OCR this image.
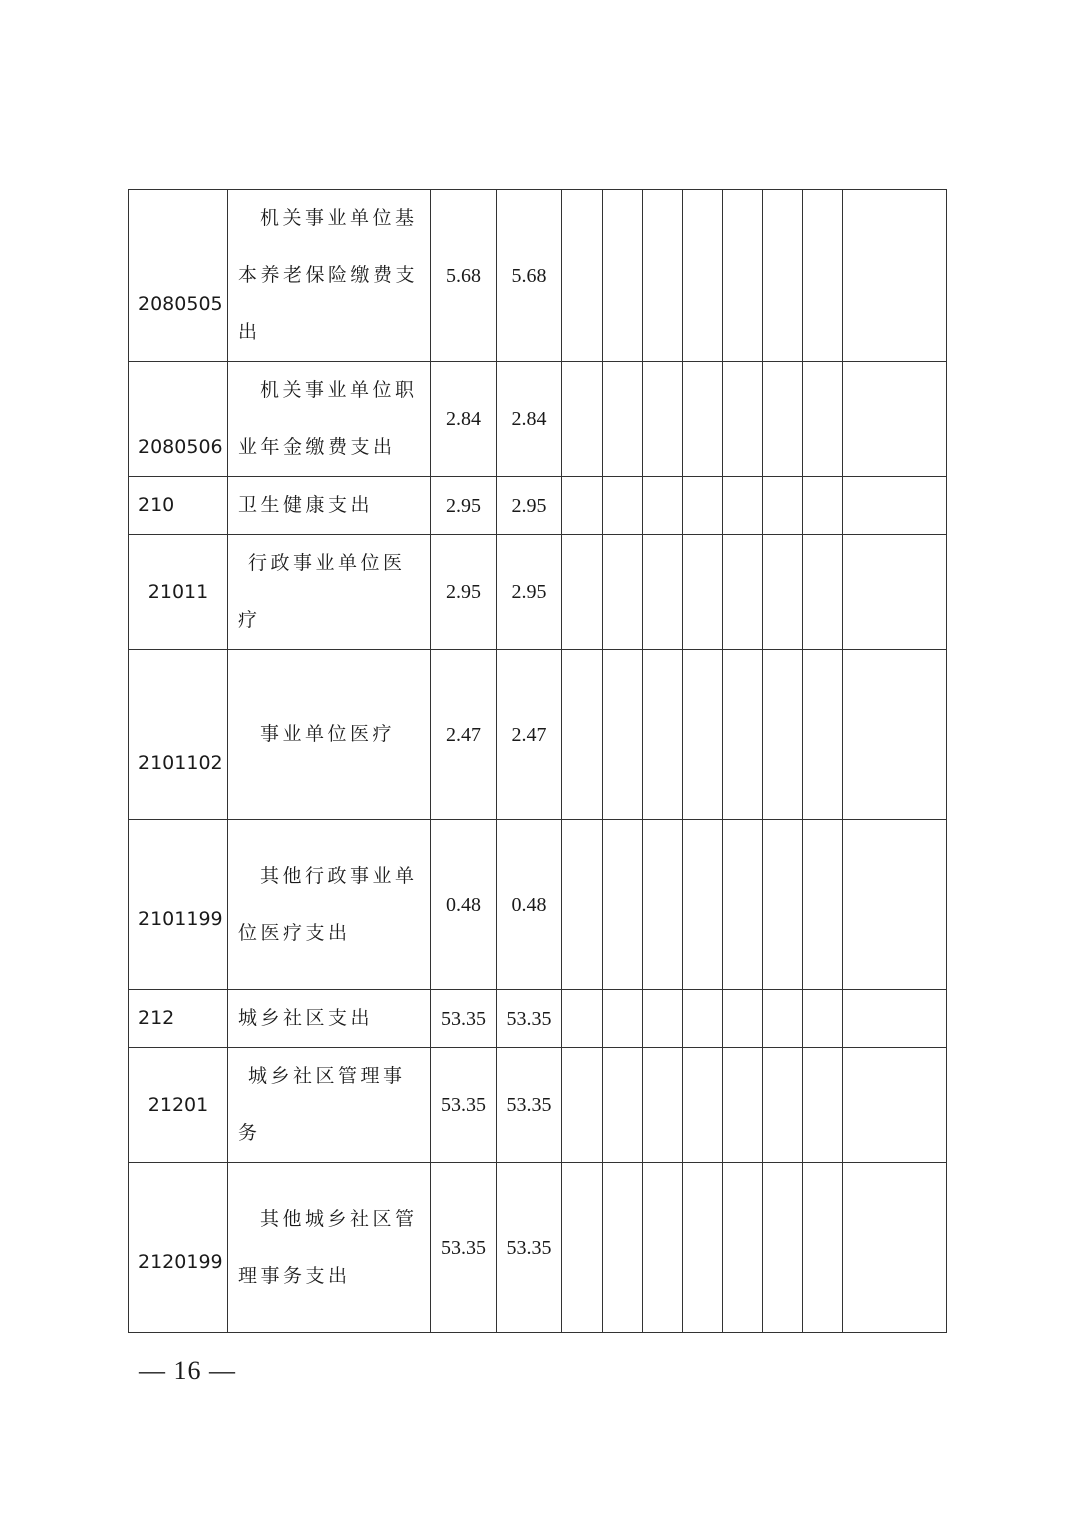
2080505	机关事业单位基本养老保险缴费支出	5.68	5.68								

2080506	机关事业单位职业年金缴费支出	2.84	2.84								
210	卫生健康支出	2.95	2.95								
21011	行政事业单位医疗	2.95	2.95								

2101102	事业单位医疗	2.47	2.47								

2101199	其他行政事业单位医疗支出	0.48	0.48								
212	城乡社区支出	53.35	53.35								
21201	城乡社区管理事务	53.35	53.35								

2120199	其他城乡社区管理事务支出	53.35	53.35								
— 16 —
